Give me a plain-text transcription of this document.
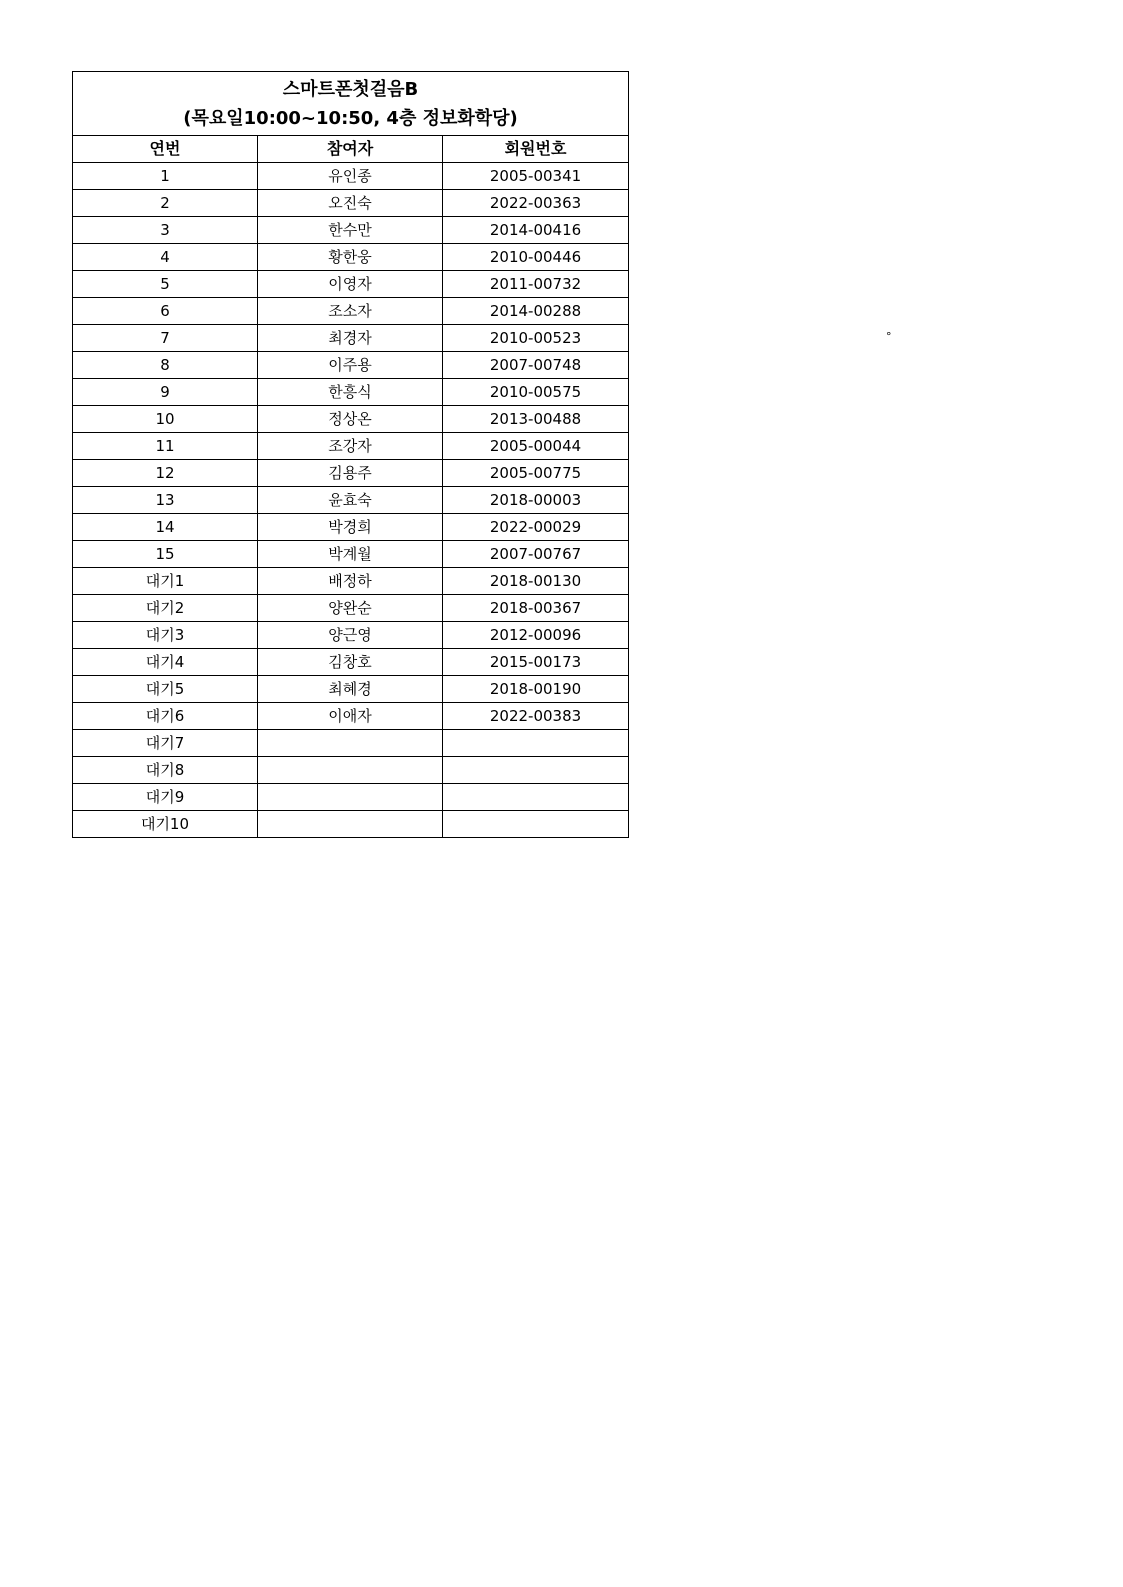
스마트폰첫걸음B
(목요일10:00~10:50, 4층 정보화학당)		

연번	참여자	회원번호
1	유인종	2005-00341
2	오진숙	2022-00363
3	한수만	2014-00416
4	황한웅	2010-00446
5	이영자	2011-00732
6	조소자	2014-00288
7	최경자	2010-00523
8	이주용	2007-00748
9	한흥식	2010-00575
10	정상온	2013-00488
11	조강자	2005-00044
12	김용주	2005-00775
13	윤효숙	2018-00003
14	박경희	2022-00029
15	박계월	2007-00767
대기1	배정하	2018-00130
대기2	양완순	2018-00367
대기3	양근영	2012-00096
대기4	김창호	2015-00173
대기5	최혜경	2018-00190
대기6	이애자	2022-00383
대기7		
대기8		
대기9		
대기10		
°
